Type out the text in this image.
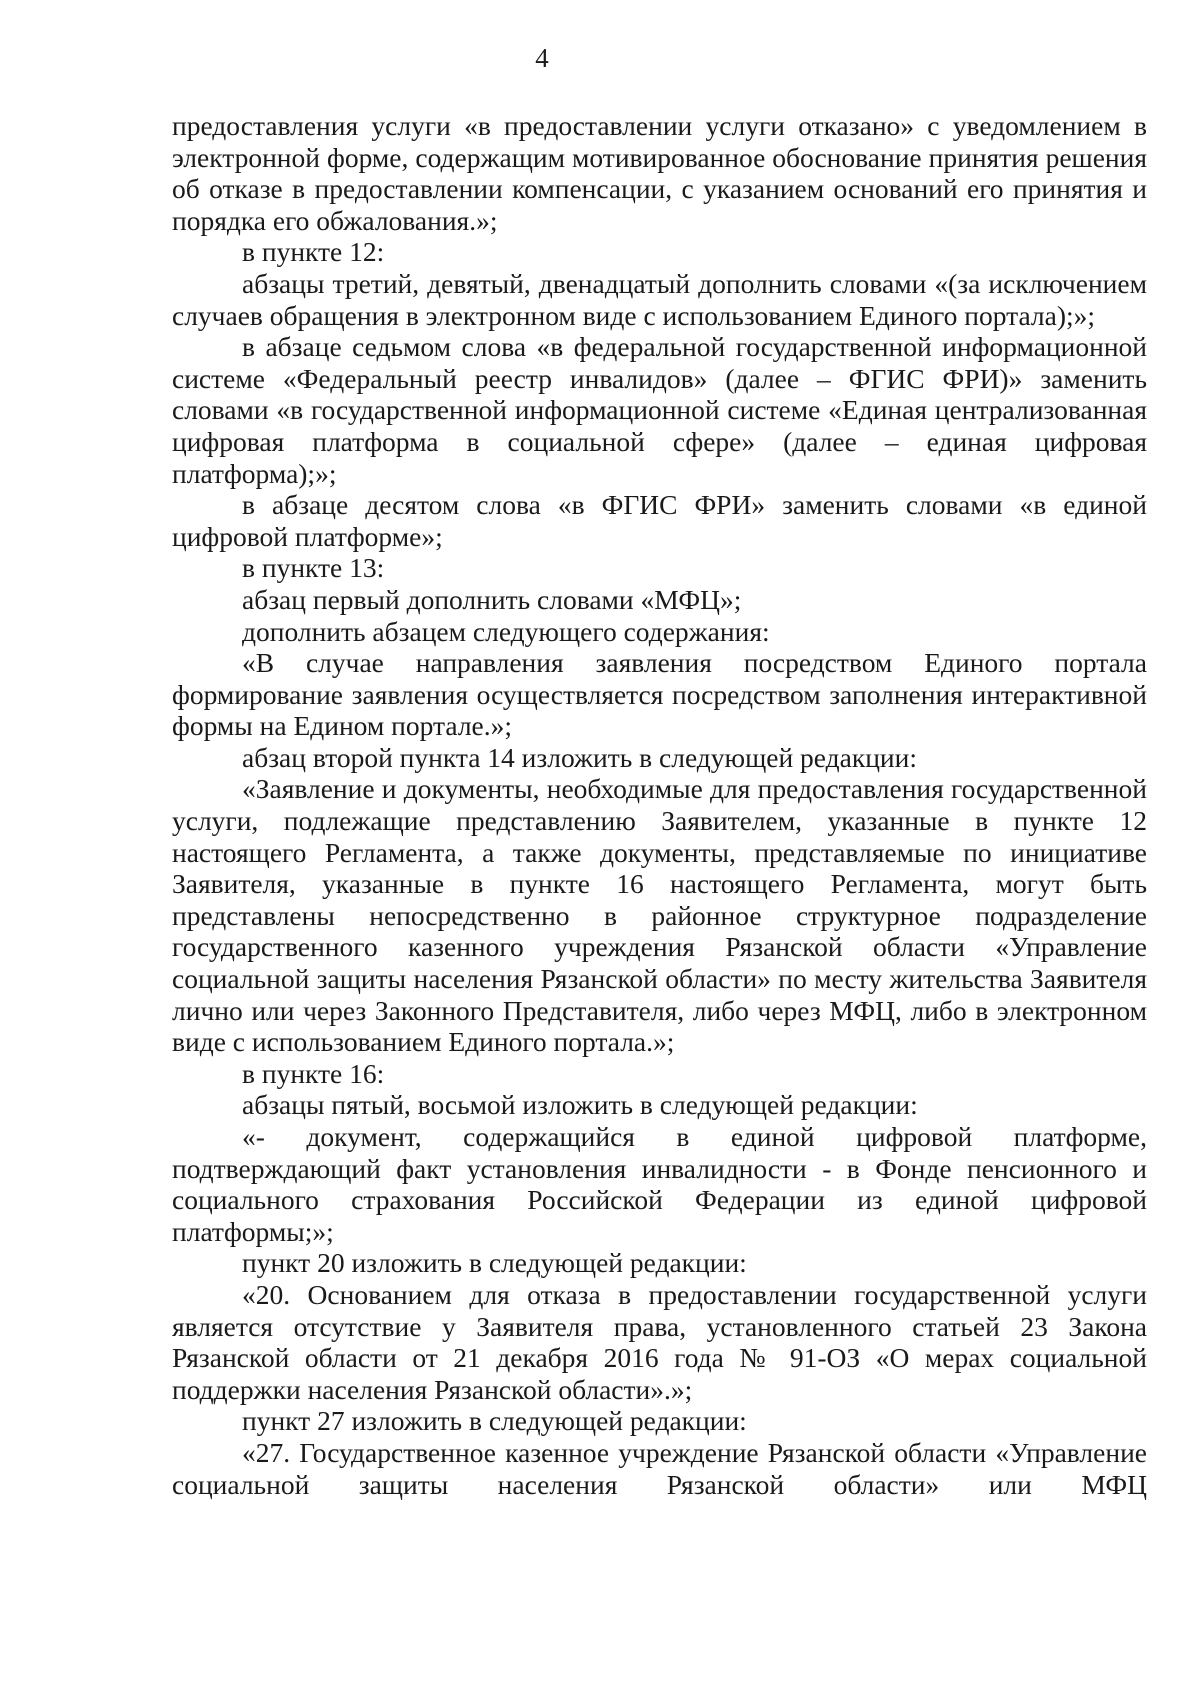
4

предоставления услуги «в предоставлении услуги отказано» с уведомлением в электронной форме, содержащим мотивированное обоснование принятия решения об отказе в предоставлении компенсации, с указанием оснований его принятия и порядка его обжалования.»;

в пункте 12:

абзацы третий, девятый, двенадцатый дополнить словами «(за исключением случаев обращения в электронном виде с использованием Единого портала);»;

в абзаце седьмом слова «в федеральной государственной информационной системе «Федеральный реестр инвалидов» (далее – ФГИС ФРИ)» заменить словами «в государственной информационной системе «Единая централизованная цифровая платформа в социальной сфере» (далее – единая цифровая платформа);»;

в абзаце десятом слова «в ФГИС ФРИ» заменить словами «в единой цифровой платформе»;

в пункте 13:

абзац первый дополнить словами «МФЦ»;

дополнить абзацем следующего содержания:

«В случае направления заявления посредством Единого портала формирование заявления осуществляется посредством заполнения интерактивной формы на Едином портале.»;

абзац второй пункта 14 изложить в следующей редакции:

«Заявление и документы, необходимые для предоставления государственной услуги, подлежащие представлению Заявителем, указанные в пункте 12 настоящего Регламента, а также документы, представляемые по инициативе Заявителя, указанные в пункте 16 настоящего Регламента, могут быть представлены непосредственно в районное структурное подразделение государственного казенного учреждения Рязанской области «Управление социальной защиты населения Рязанской области» по месту жительства Заявителя лично или через Законного Представителя, либо через МФЦ, либо в электронном виде с использованием Единого портала.»;

в пункте 16:

абзацы пятый, восьмой изложить в следующей редакции:

«- документ, содержащийся в единой цифровой платформе, подтверждающий факт установления инвалидности - в Фонде пенсионного и социального страхования Российской Федерации из единой цифровой платформы;»;

пункт 20 изложить в следующей редакции:

«20. Основанием для отказа в предоставлении государственной услуги является отсутствие у Заявителя права, установленного статьей 23 Закона Рязанской области от 21 декабря 2016 года № 91-ОЗ «О мерах социальной поддержки населения Рязанской области».»;

пункт 27 изложить в следующей редакции:

«27. Государственное казенное учреждение Рязанской области «Управление социальной защиты населения Рязанской области» или МФЦ
